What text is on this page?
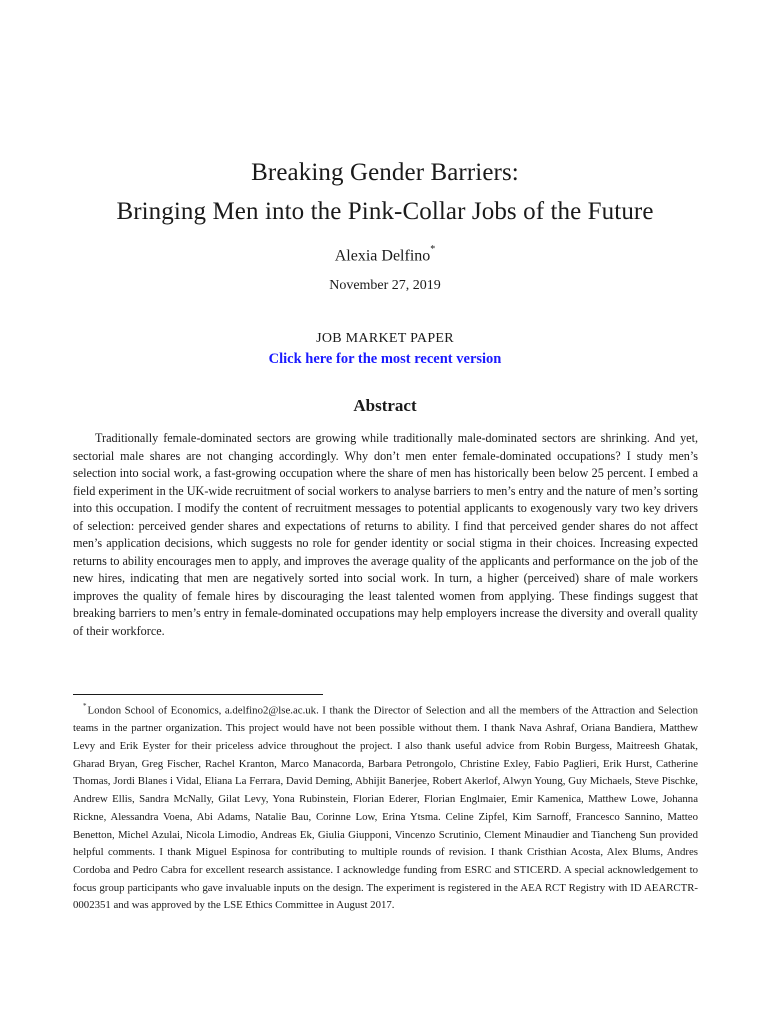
Breaking Gender Barriers:
Bringing Men into the Pink-Collar Jobs of the Future
Alexia Delfino*
November 27, 2019
JOB MARKET PAPER
Click here for the most recent version
Abstract
Traditionally female-dominated sectors are growing while traditionally male-dominated sectors are shrinking. And yet, sectorial male shares are not changing accordingly. Why don’t men enter female-dominated occupations? I study men’s selection into social work, a fast-growing occupation where the share of men has historically been below 25 percent. I embed a field experiment in the UK-wide recruitment of social workers to analyse barriers to men’s entry and the nature of men’s sorting into this occupation. I modify the content of recruitment messages to potential applicants to exogenously vary two key drivers of selection: perceived gender shares and expectations of returns to ability. I find that perceived gender shares do not affect men’s application decisions, which suggests no role for gender identity or social stigma in their choices. Increasing expected returns to ability encourages men to apply, and improves the average quality of the applicants and performance on the job of the new hires, indicating that men are negatively sorted into social work. In turn, a higher (perceived) share of male workers improves the quality of female hires by discouraging the least talented women from applying. These findings suggest that breaking barriers to men’s entry in female-dominated occupations may help employers increase the diversity and overall quality of their workforce.
*London School of Economics, a.delfino2@lse.ac.uk. I thank the Director of Selection and all the members of the Attraction and Selection teams in the partner organization. This project would have not been possible without them. I thank Nava Ashraf, Oriana Bandiera, Matthew Levy and Erik Eyster for their priceless advice throughout the project. I also thank useful advice from Robin Burgess, Maitreesh Ghatak, Gharad Bryan, Greg Fischer, Rachel Kranton, Marco Manacorda, Barbara Petrongolo, Christine Exley, Fabio Paglieri, Erik Hurst, Catherine Thomas, Jordi Blanes i Vidal, Eliana La Ferrara, David Deming, Abhijit Banerjee, Robert Akerlof, Alwyn Young, Guy Michaels, Steve Pischke, Andrew Ellis, Sandra McNally, Gilat Levy, Yona Rubinstein, Florian Ederer, Florian Englmaier, Emir Kamenica, Matthew Lowe, Johanna Rickne, Alessandra Voena, Abi Adams, Natalie Bau, Corinne Low, Erina Ytsma. Celine Zipfel, Kim Sarnoff, Francesco Sannino, Matteo Benetton, Michel Azulai, Nicola Limodio, Andreas Ek, Giulia Giupponi, Vincenzo Scrutinio, Clement Minaudier and Tiancheng Sun provided helpful comments. I thank Miguel Espinosa for contributing to multiple rounds of revision. I thank Cristhian Acosta, Alex Blums, Andres Cordoba and Pedro Cabra for excellent research assistance. I acknowledge funding from ESRC and STICERD. A special acknowledgement to focus group participants who gave invaluable inputs on the design. The experiment is registered in the AEA RCT Registry with ID AEARCTR-0002351 and was approved by the LSE Ethics Committee in August 2017.
